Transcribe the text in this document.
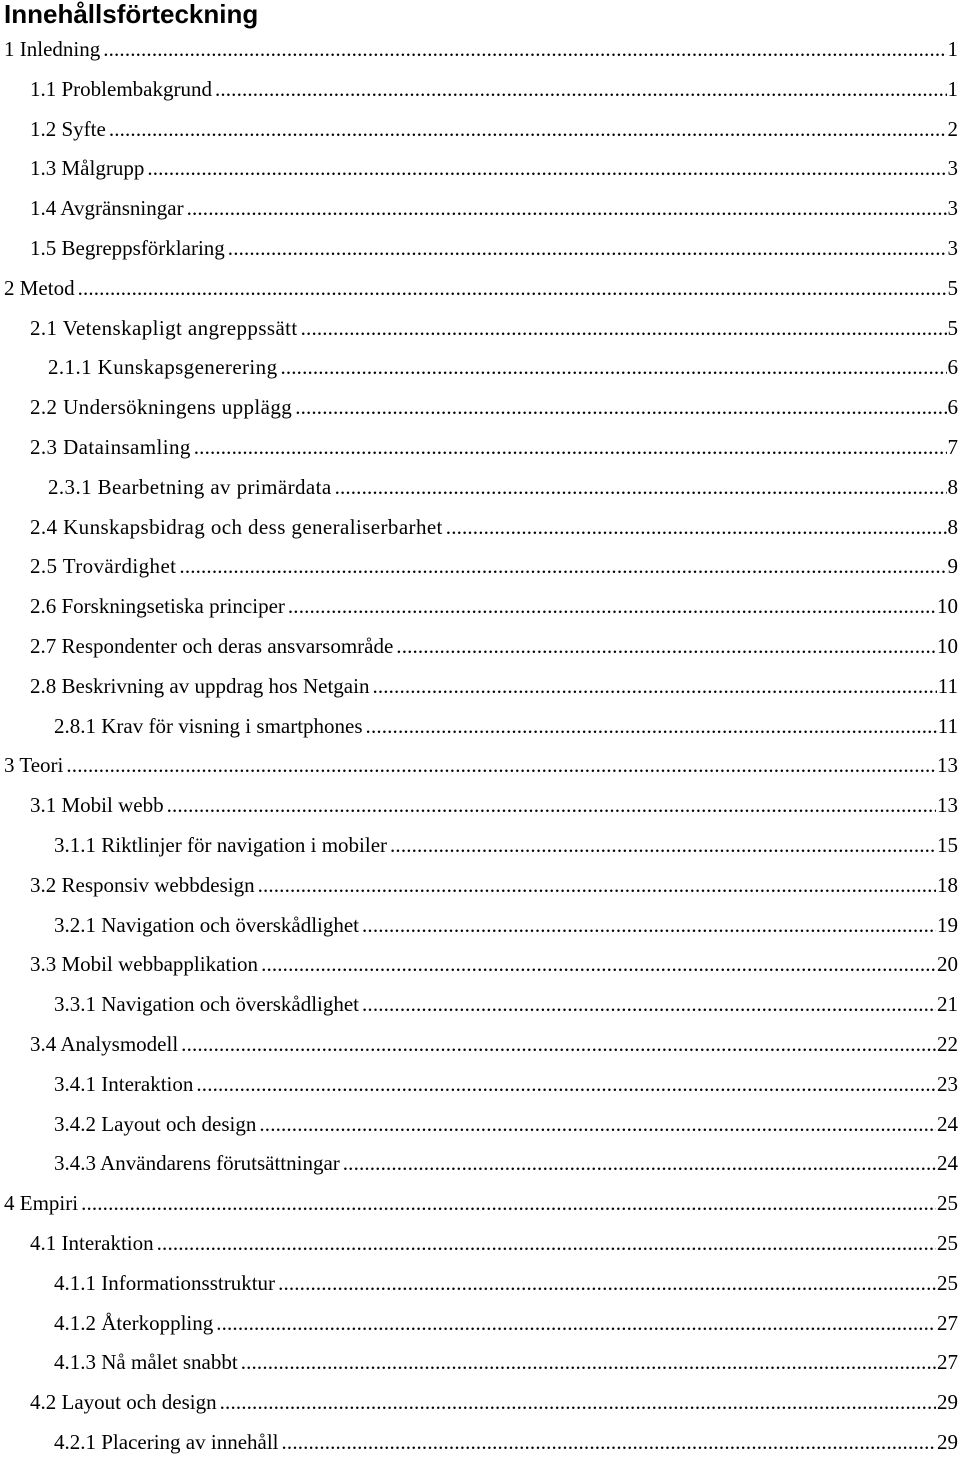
Innehållsförteckning
1 Inledning . . .	1
1.1 Problembakgrund . . .	1
1.2 Syfte . . .	2
1.3 Målgrupp . . .	3
1.4 Avgränsningar . . .	3
1.5 Begreppsförklaring . . .	3
2 Metod . . .	5
2.1 Vetenskapligt angreppssätt . . .	5
2.1.1 Kunskapsgenerering . . .	6
2.2 Undersökningens upplägg . . .	6
2.3 Datainsamling . . .	7
2.3.1 Bearbetning av primärdata . . .	8
2.4 Kunskapsbidrag och dess generaliserbarhet . . .	8
2.5 Trovärdighet . . .	9
2.6 Forskningsetiska principer . . .	10
2.7 Respondenter och deras ansvarsområde . . .	10
2.8 Beskrivning av uppdrag hos Netgain . . .	11
2.8.1 Krav för visning i smartphones . . .	11
3 Teori . . .	13
3.1 Mobil webb . . .	13
3.1.1 Riktlinjer för navigation i mobiler . . .	15
3.2 Responsiv webbdesign . . .	18
3.2.1 Navigation och överskådlighet . . .	19
3.3 Mobil webbapplikation . . .	20
3.3.1 Navigation och överskådlighet . . .	21
3.4 Analysmodell . . .	22
3.4.1 Interaktion . . .	23
3.4.2 Layout och design . . .	24
3.4.3 Användarens förutsättningar . . .	24
4 Empiri . . .	25
4.1 Interaktion . . .	25
4.1.1 Informationsstruktur . . .	25
4.1.2 Återkoppling . . .	27
4.1.3 Nå målet snabbt . . .	27
4.2 Layout och design . . .	29
4.2.1 Placering av innehåll . . .	29
